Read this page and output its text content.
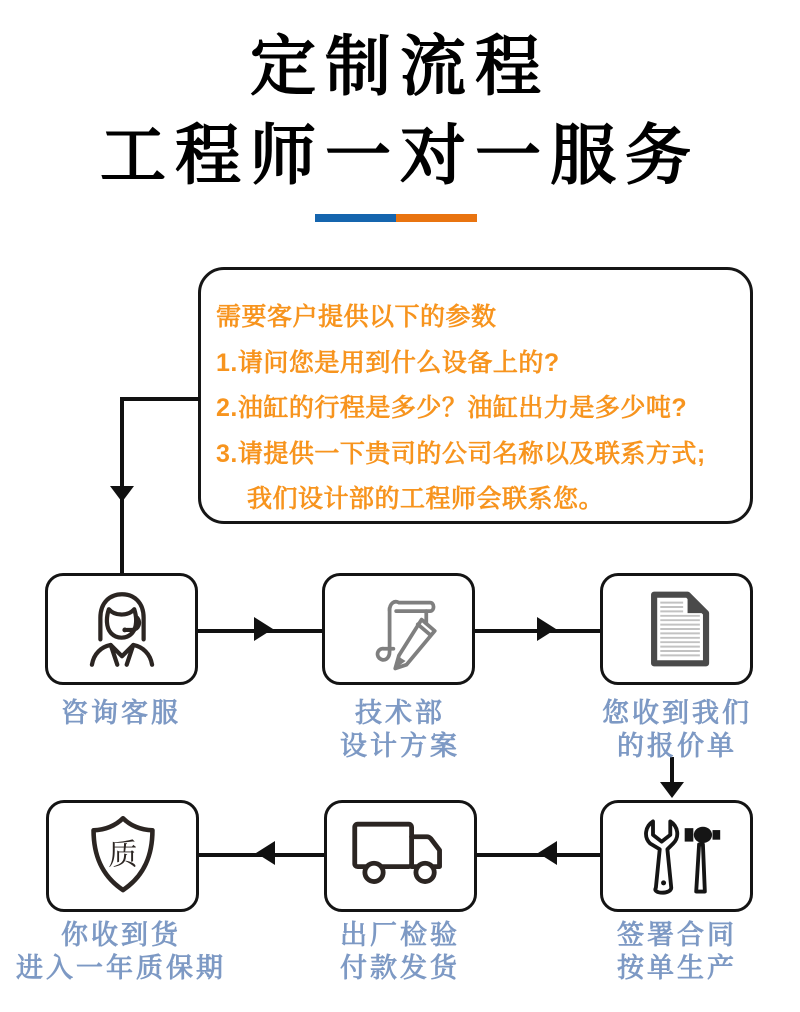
定制流程
工程师一对一服务
需要客户提供以下的参数
1.请问您是用到什么设备上的?
2.油缸的行程是多少？油缸出力是多少吨?
3.请提供一下贵司的公司名称以及联系方式;
我们设计部的工程师会联系您。
质
咨询客服	技术部
设计方案
您收到我们
的报价单
签署合同
按单生产
出厂检验
付款发货
你收到货
进入一年质保期
